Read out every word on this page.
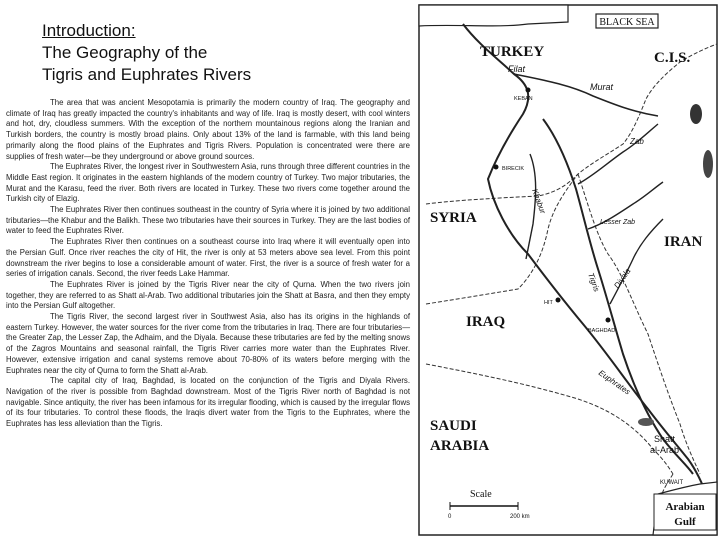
Introduction:
The Geography of the
Tigris and Euphrates Rivers

The area that was ancient Mesopotamia is primarily the modern country of Iraq. The geography and climate of Iraq has greatly impacted the country's inhabitants and way of life. Iraq is mostly desert, with cool winters and hot, dry, cloudless summers. With the exception of the northern mountainous regions along the Iranian and Turkish borders, the country is mostly broad plains. Only about 13% of the land is farmable, with this land being primarily along the flood plains of the Euphrates and Tigris Rivers. Population is concentrated were there are supplies of fresh water—be they underground or above ground sources.

The Euphrates River, the longest river in Southwestern Asia, runs through three different countries in the Middle East region. It originates in the eastern highlands of the modern country of Turkey. Two major tributaries, the Murat and the Karasu, feed the river. Both rivers are located in Turkey. These two rivers come together around the Turkish city of Elazig.

The Euphrates River then continues southeast in the country of Syria where it is joined by two additional tributaries—the Khabur and the Balikh. These two tributaries have their sources in Turkey. They are the last bodies of water to feed the Euphrates River.

The Euphrates River then continues on a southeast course into Iraq where it will eventually open into the Persian Gulf. Once river reaches the city of Hit, the river is only at 53 meters above sea level. From this point downstream the river begins to lose a considerable amount of water. First, the river is a source of fresh water for a series of irrigation canals. Second, the river feeds Lake Hammar.

The Euphrates River is joined by the Tigris River near the city of Qurna. When the two rivers join together, they are referred to as Shatt al-Arab. Two additional tributaries join the Shatt at Basra, and then they empty into the Persian Gulf altogether.

The Tigris River, the second largest river in Southwest Asia, also has its origins in the highlands of eastern Turkey. However, the water sources for the river come from the tributaries in Iraq. There are four tributaries—the Greater Zap, the Lesser Zap, the Adhaim, and the Diyala. Because these tributaries are fed by the melting snows of the Zagros Mountains and seasonal rainfall, the Tigris River carries more water than the Euphrates River. However, extensive irrigation and canal systems remove about 70-80% of its waters before merging with the Euphrates near the city of Qurna to form the Shatt al-Arab.

The capital city of Iraq, Baghdad, is located on the conjunction of the Tigris and Diyala Rivers. Navigation of the river is possible from Baghdad downstream. Most of the Tigris River north of Baghdad is not navigable. Since antiquity, the river has been infamous for its irregular flooding, which is caused by the irregular flows of its four tributaries. To control these floods, the Iraqis divert water from the Tigris to the Euphrates, where the Euphrates has less alleviation than the Tigris.

BLACK SEA
TURKEY	C.I.S.
Filat
KEBAN
Murat
BIRECIK
Khabur
Zab
Lesser Zab
SYRIA
IRAN
Diyala
Tigris
HIT
IRAQ
BAGHDAD
Euphrates
SAUDI
ARABIA	Shatt
al-Arab
KUWAIT
Scale
0	200 km
Arabian
Gulf
